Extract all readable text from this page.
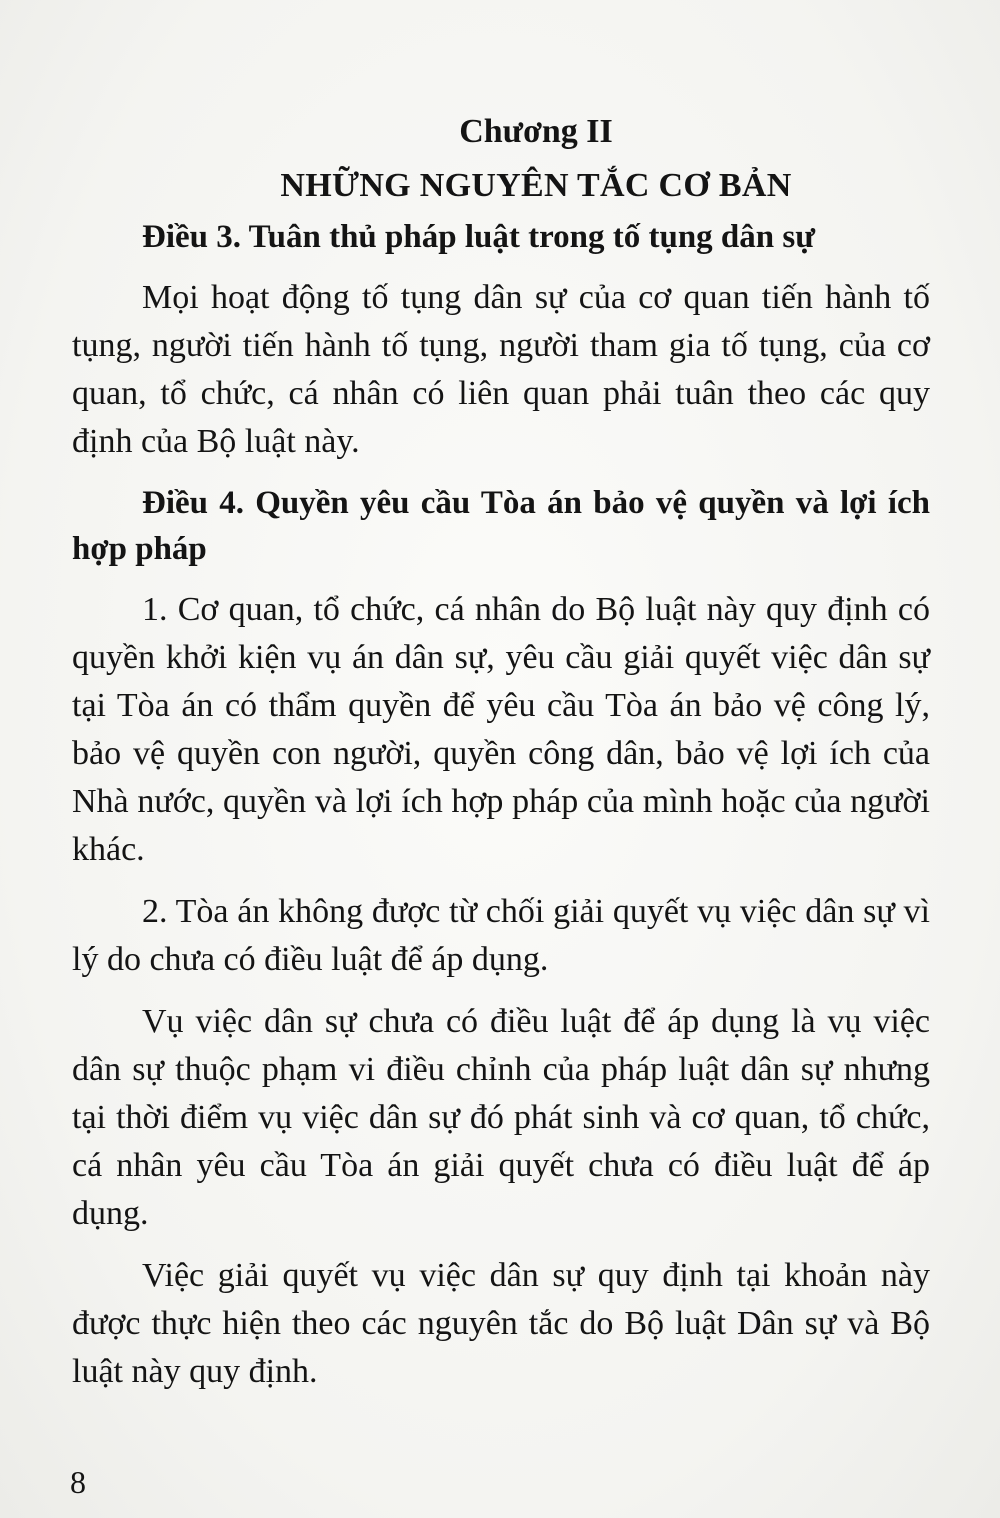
Chương II

NHỮNG NGUYÊN TẮC CƠ BẢN

Điều 3. Tuân thủ pháp luật trong tố tụng dân sự

Mọi hoạt động tố tụng dân sự của cơ quan tiến hành tố tụng, người tiến hành tố tụng, người tham gia tố tụng, của cơ quan, tổ chức, cá nhân có liên quan phải tuân theo các quy định của Bộ luật này.

Điều 4. Quyền yêu cầu Tòa án bảo vệ quyền và lợi ích hợp pháp

1. Cơ quan, tổ chức, cá nhân do Bộ luật này quy định có quyền khởi kiện vụ án dân sự, yêu cầu giải quyết việc dân sự tại Tòa án có thẩm quyền để yêu cầu Tòa án bảo vệ công lý, bảo vệ quyền con người, quyền công dân, bảo vệ lợi ích của Nhà nước, quyền và lợi ích hợp pháp của mình hoặc của người khác.

2. Tòa án không được từ chối giải quyết vụ việc dân sự vì lý do chưa có điều luật để áp dụng.

Vụ việc dân sự chưa có điều luật để áp dụng là vụ việc dân sự thuộc phạm vi điều chỉnh của pháp luật dân sự nhưng tại thời điểm vụ việc dân sự đó phát sinh và cơ quan, tổ chức, cá nhân yêu cầu Tòa án giải quyết chưa có điều luật để áp dụng.

Việc giải quyết vụ việc dân sự quy định tại khoản này được thực hiện theo các nguyên tắc do Bộ luật Dân sự và Bộ luật này quy định.

8
